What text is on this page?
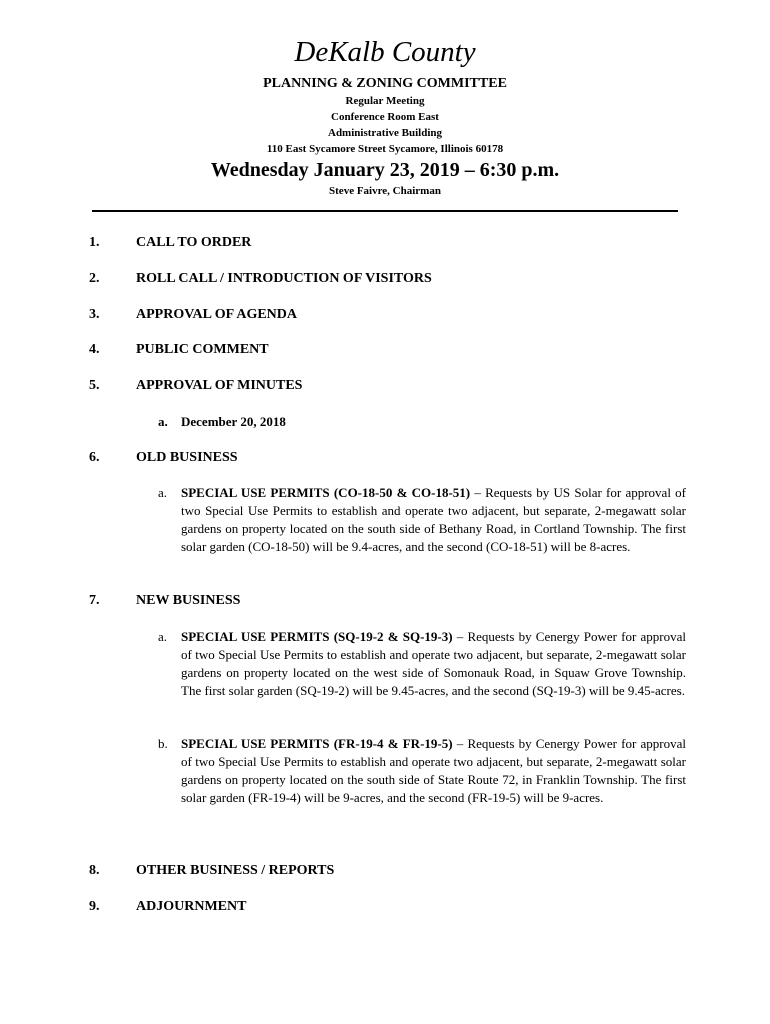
DeKalb County
PLANNING & ZONING COMMITTEE
Regular Meeting
Conference Room East
Administrative Building
110 East Sycamore Street Sycamore, Illinois 60178
Wednesday January 23, 2019 – 6:30 p.m.
Steve Faivre, Chairman
1.	CALL TO ORDER
2.	ROLL CALL / INTRODUCTION OF VISITORS
3.	APPROVAL OF AGENDA
4.	PUBLIC COMMENT
5.	APPROVAL OF MINUTES
a. December 20, 2018
6.	OLD BUSINESS
a. SPECIAL USE PERMITS (CO-18-50 & CO-18-51) – Requests by US Solar for approval of two Special Use Permits to establish and operate two adjacent, but separate, 2-megawatt solar gardens on property located on the south side of Bethany Road, in Cortland Township. The first solar garden (CO-18-50) will be 9.4-acres, and the second (CO-18-51) will be 8-acres.
7.	NEW BUSINESS
a. SPECIAL USE PERMITS (SQ-19-2 & SQ-19-3) – Requests by Cenergy Power for approval of two Special Use Permits to establish and operate two adjacent, but separate, 2-megawatt solar gardens on property located on the west side of Somonauk Road, in Squaw Grove Township. The first solar garden (SQ-19-2) will be 9.45-acres, and the second (SQ-19-3) will be 9.45-acres.
b. SPECIAL USE PERMITS (FR-19-4 & FR-19-5) – Requests by Cenergy Power for approval of two Special Use Permits to establish and operate two adjacent, but separate, 2-megawatt solar gardens on property located on the south side of State Route 72, in Franklin Township. The first solar garden (FR-19-4) will be 9-acres, and the second (FR-19-5) will be 9-acres.
8.	OTHER BUSINESS / REPORTS
9.	ADJOURNMENT
